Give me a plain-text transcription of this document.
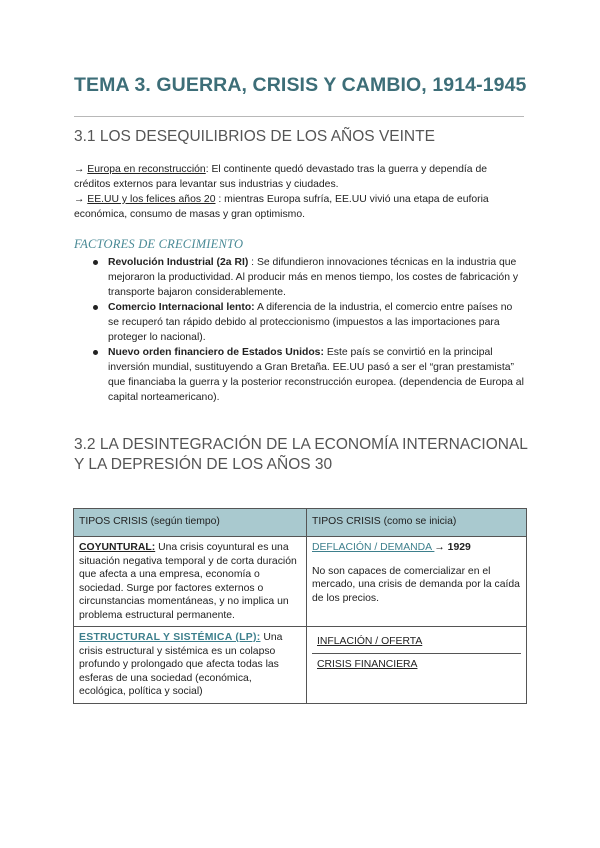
TEMA 3. GUERRA, CRISIS Y CAMBIO, 1914-1945
3.1 LOS DESEQUILIBRIOS DE LOS AÑOS VEINTE
→ Europa en reconstrucción: El continente quedó devastado tras la guerra y dependía de créditos externos para levantar sus industrias y ciudades.
→ EE.UU y los felices años 20 : mientras Europa sufría, EE.UU vivió una etapa de euforia económica, consumo de masas y gran optimismo.
FACTORES DE CRECIMIENTO
Revolución Industrial (2a RI) : Se difundieron innovaciones técnicas en la industria que mejoraron la productividad. Al producir más en menos tiempo, los costes de fabricación y transporte bajaron considerablemente.
Comercio Internacional lento: A diferencia de la industria, el comercio entre países no se recuperó tan rápido debido al proteccionismo (impuestos a las importaciones para proteger lo nacional).
Nuevo orden financiero de Estados Unidos: Este país se convirtió en la principal inversión mundial, sustituyendo a Gran Bretaña. EE.UU pasó a ser el “gran prestamista” que financiaba la guerra y la posterior reconstrucción europea. (dependencia de Europa al capital norteamericano).
3.2 LA DESINTEGRACIÓN DE LA ECONOMÍA INTERNACIONAL Y LA DEPRESIÓN DE LOS AÑOS 30
TIPOS CRISIS (según tiempo)	TIPOS CRISIS (como se inicia)
COYUNTURAL: Una crisis coyuntural es una situación negativa temporal y de corta duración que afecta a una empresa, economía o sociedad. Surge por factores externos o circunstancias momentáneas, y no implica un problema estructural permanente.	DEFLACIÓN / DEMANDA → 1929
No son capaces de comercializar en el mercado, una crisis de demanda por la caída de los precios.

ESTRUCTURAL Y SISTÉMICA (LP): Una crisis estructural y sistémica es un colapso profundo y prolongado que afecta todas las esferas de una sociedad (económica, ecológica, política y social)	INFLACIÓN / OFERTA
CRISIS FINANCIERA
